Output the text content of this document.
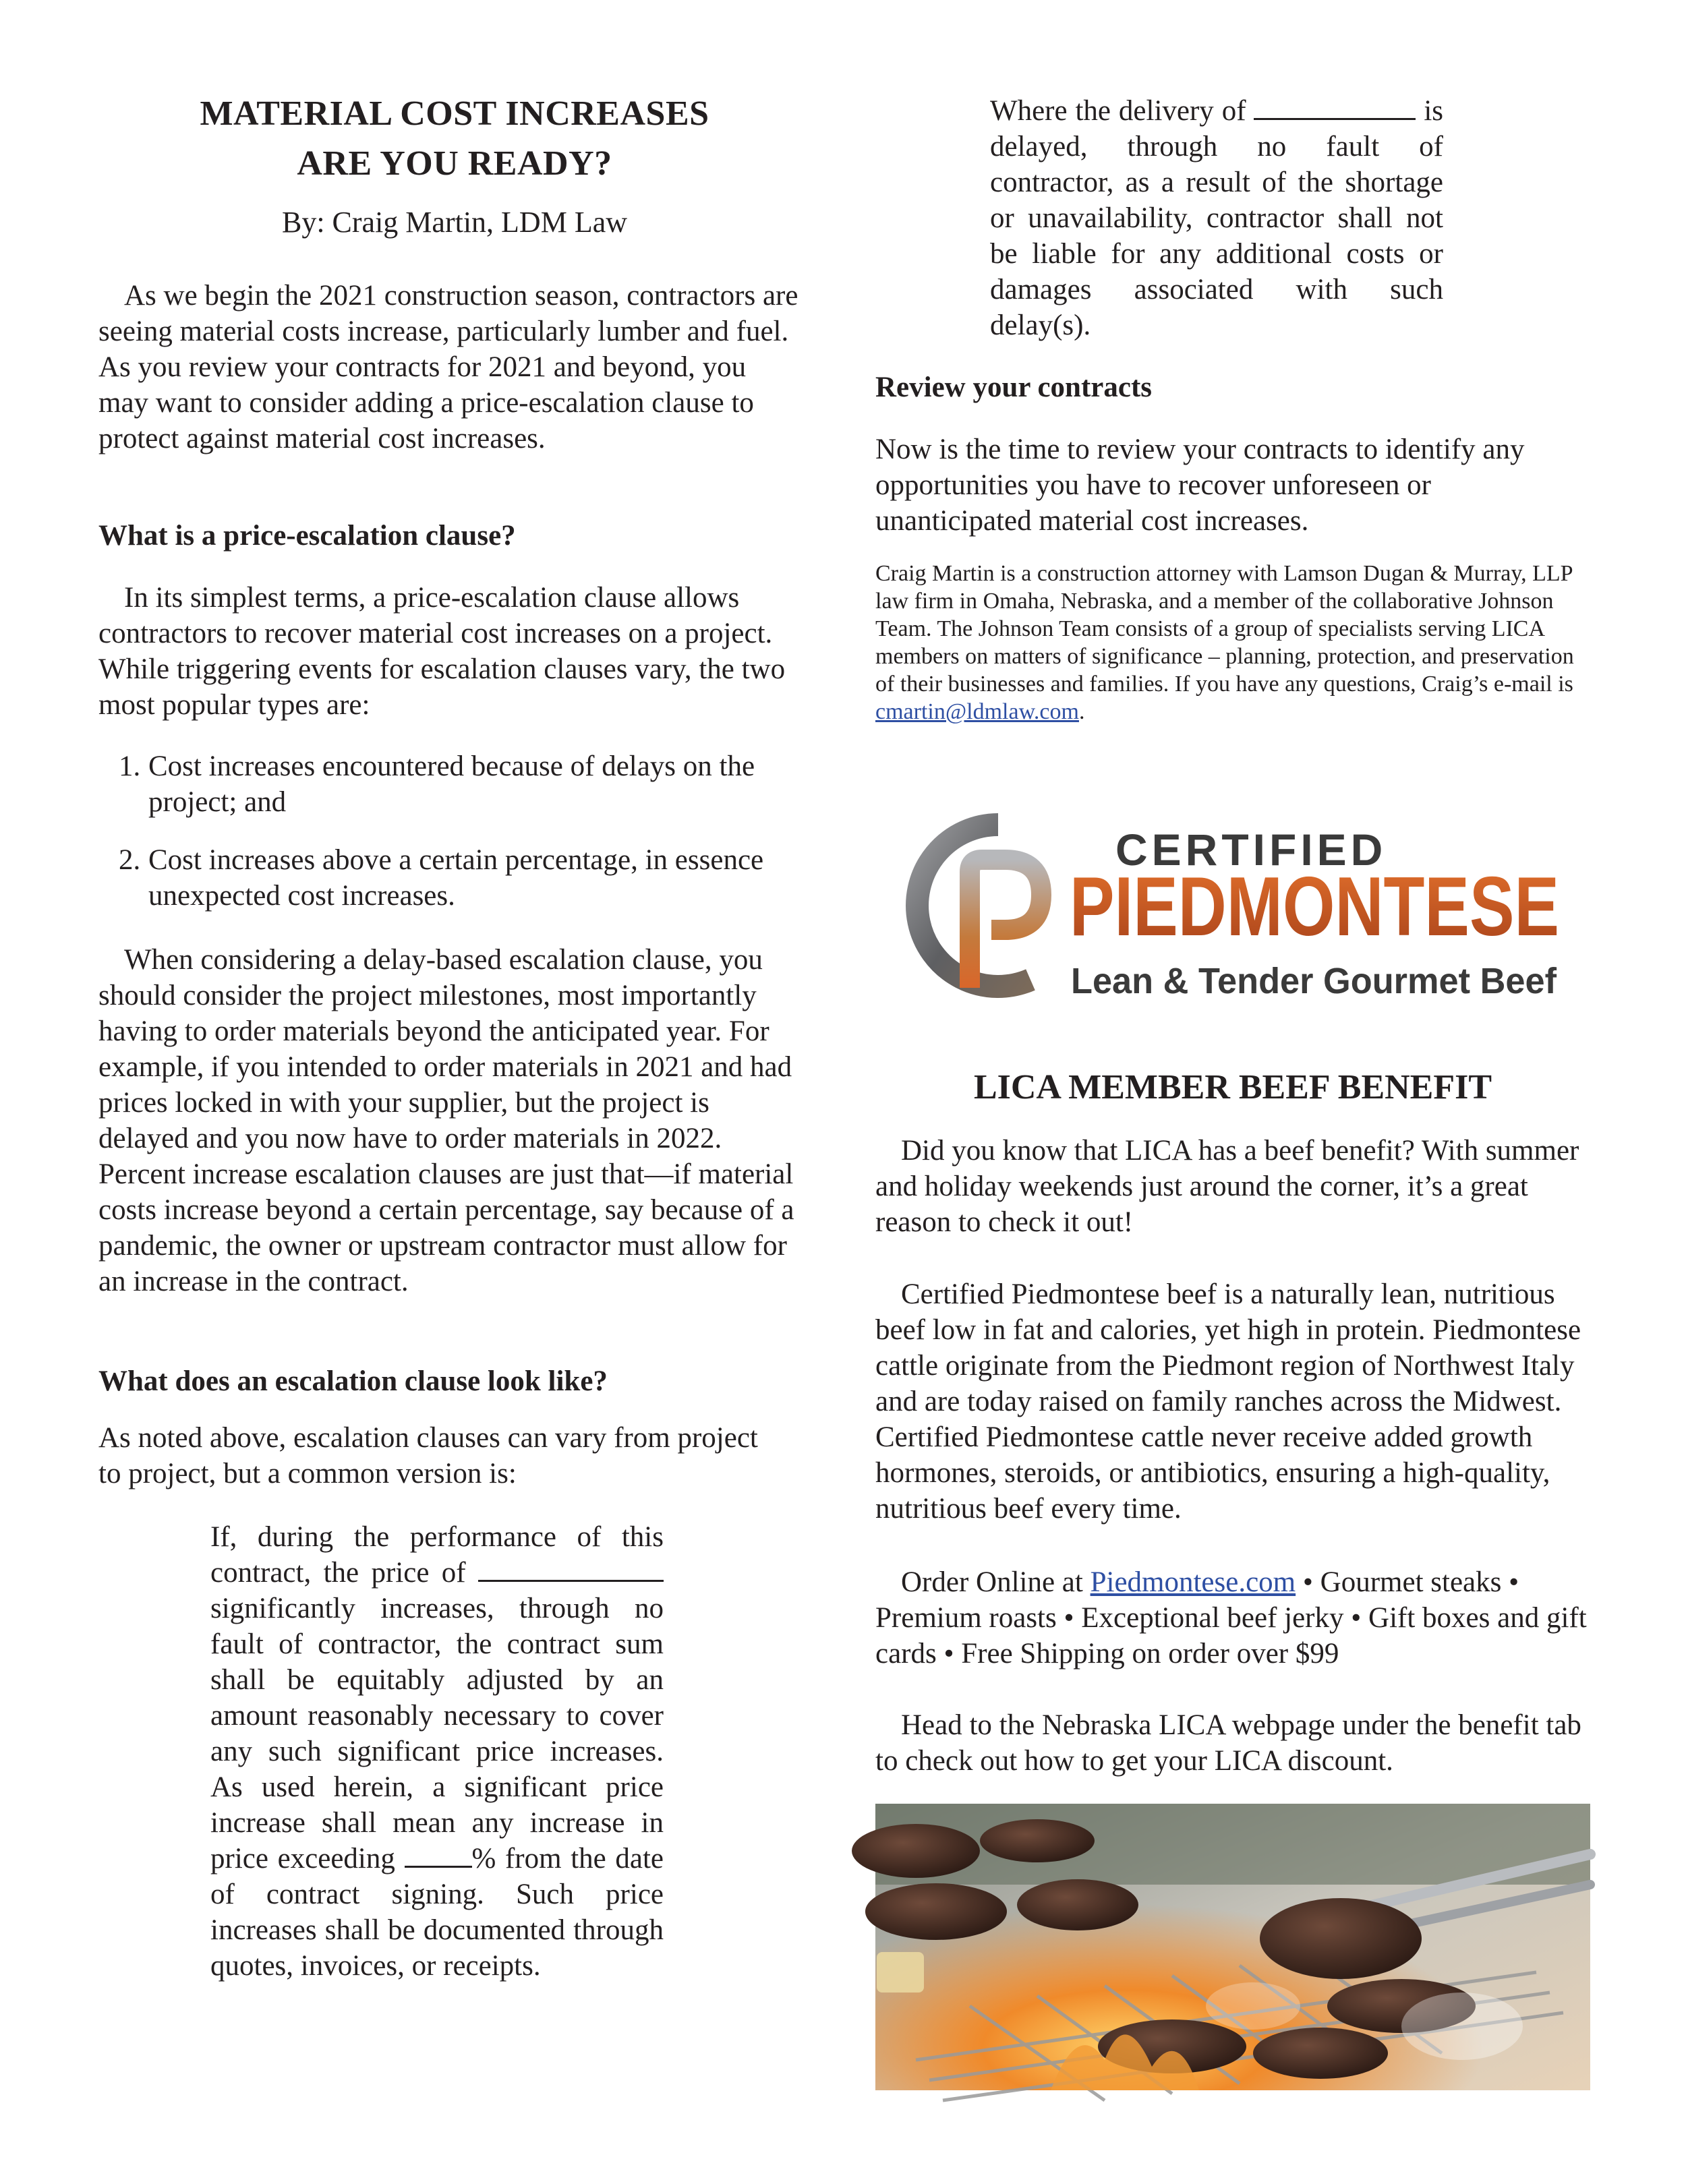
MATERIAL COST INCREASES
ARE YOU READY?
By: Craig Martin, LDM Law

As we begin the 2021 construction season, contractors are seeing material costs increase, particularly lumber and fuel. As you review your contracts for 2021 and beyond, you may want to consider adding a price-escalation clause to protect against material cost increases.

What is a price-escalation clause?

In its simplest terms, a price-escalation clause allows contractors to recover material cost increases on a project. While triggering events for escalation clauses vary, the two most popular types are:

1. Cost increases encountered because of delays on the project; and
2. Cost increases above a certain percentage, in essence unexpected cost increases.

When considering a delay-based escalation clause, you should consider the project milestones, most importantly having to order materials beyond the anticipated year. For example, if you intended to order materials in 2021 and had prices locked in with your supplier, but the project is delayed and you now have to order materials in 2022. Percent increase escalation clauses are just that—if material costs increase beyond a certain percentage, say because of a pandemic, the owner or upstream contractor must allow for an increase in the contract.

What does an escalation clause look like?

As noted above, escalation clauses can vary from project to project, but a common version is:

If, during the performance of this contract, the price of  significantly increases, through no fault of contractor, the contract sum shall be equitably adjusted by an amount reasonably necessary to cover any such significant price increases. As used herein, a significant price increase shall mean any increase in price exceeding	% from the date of contract signing. Such price increases shall be documented through quotes, invoices, or receipts.
Where the delivery of	is delayed, through no fault of contractor, as a result of the shortage or unavailability, contractor shall not be liable for any additional costs or damages associated with such delay(s).
Review your contracts

Now is the time to review your contracts to identify any opportunities you have to recover unforeseen or unanticipated material cost increases.

Craig Martin is a construction attorney with Lamson Dugan & Murray, LLP law firm in Omaha, Nebraska, and a member of the collaborative Johnson Team. The Johnson Team consists of a group of specialists serving LICA members on matters of significance – planning, protection, and preservation of their businesses and families. If you have any questions, Craig’s e-mail is cmartin@ldmlaw.com.

CERTIFIED
PIEDMONTESE
Lean & Tender Gourmet Beef
LICA MEMBER BEEF BENEFIT

Did you know that LICA has a beef benefit? With summer and holiday weekends just around the corner, it’s a great reason to check it out!

Certified Piedmontese beef is a naturally lean, nutritious beef low in fat and calories, yet high in protein. Piedmontese cattle originate from the Piedmont region of Northwest Italy and are today raised on family ranches across the Midwest. Certified Piedmontese cattle never receive added growth hormones, steroids, or antibiotics, ensuring a high-quality, nutritious beef every time.

Order Online at Piedmontese.com • Gourmet steaks • Premium roasts • Exceptional beef jerky • Gift boxes and gift cards • Free Shipping on order over $99

Head to the Nebraska LICA webpage under the benefit tab to check out how to get your LICA discount.
